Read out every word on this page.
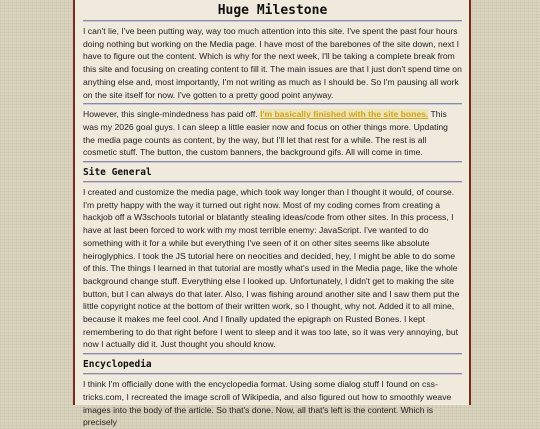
Huge Milestone

I can't lie, I've been putting way, way too much attention into this site. I've spent the past four hours doing nothing but working on the Media page. I have most of the barebones of the site down, next I have to figure out the content. Which is why for the next week, I'll be taking a complete break from this site and focusing on creating content to fill it. The main issues are that I just don't spend time on anything else and, most importantly, I'm not writing as much as I should be. So I'm pausing all work on the site itself for now. I've gotten to a pretty good point anyway.

However, this single-mindedness has paid off. I'm basically finished with the site bones. This was my 2026 goal guys. I can sleep a little easier now and focus on other things more. Updating the media page counts as content, by the way, but I'll let that rest for a while. The rest is all cosmetic stuff. The button, the custom banners, the background gifs. All will come in time.

Site General

I created and customize the media page, which took way longer than I thought it would, of course. I'm pretty happy with the way it turned out right now. Most of my coding comes from creating a hackjob off a W3schools tutorial or blatantly stealing ideas/code from other sites. In this process, I have at last been forced to work with my most terrible enemy: JavaScript. I've wanted to do something with it for a while but everything I've seen of it on other sites seems like absolute heiroglyphics. I took the JS tutorial here on neocities and decided, hey, I might be able to do some of this. The things I learned in that tutorial are mostly what's used in the Media page, like the whole background change stuff. Everything else I looked up. Unfortunately, I didn't get to making the site button, but I can always do that later. Also, I was fishing around another site and I saw them put the little copyright notice at the bottom of their written work, so I thought, why not. Added it to all mine, because it makes me feel cool. And I finally updated the epigraph on Rusted Bones. I kept remembering to do that right before I went to sleep and it was too late, so it was very annoying, but now I actually did it. Just thought you should know.

Encyclopedia

I think I'm officially done with the encyclopedia format. Using some dialog stuff I found on css-tricks.com, I recreated the image scroll of Wikipedia, and also figured out how to smoothly weave images into the body of the article. So that's done. Now, all that's left is the content. Which is precisely
